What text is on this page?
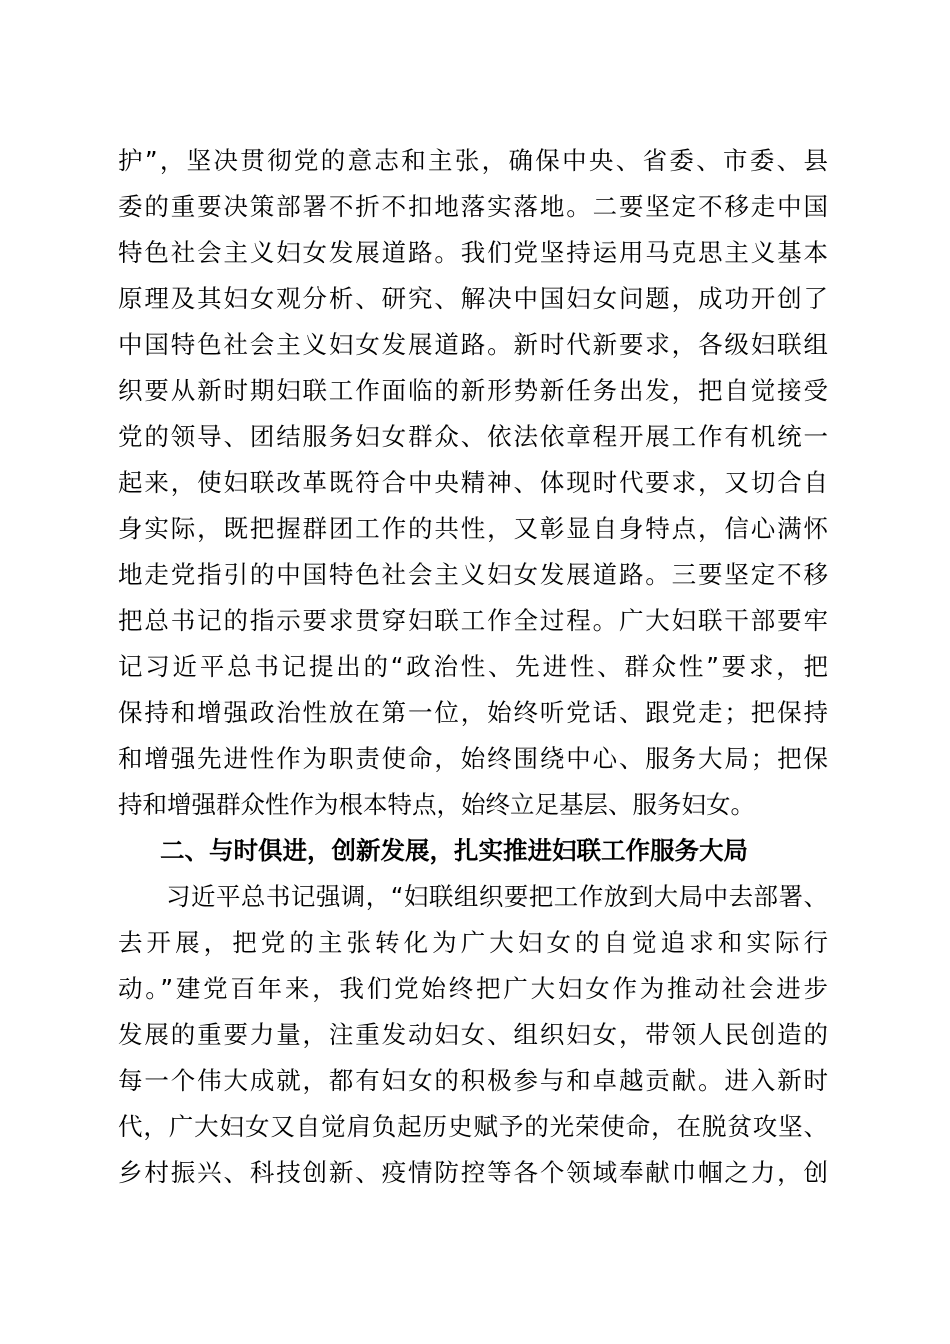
护”，坚决贯彻党的意志和主张，确保中央、省委、市委、县
委的重要决策部署不折不扣地落实落地。二要坚定不移走中国
特色社会主义妇女发展道路。我们党坚持运用马克思主义基本
原理及其妇女观分析、研究、解决中国妇女问题，成功开创了
中国特色社会主义妇女发展道路。新时代新要求，各级妇联组
织要从新时期妇联工作面临的新形势新任务出发，把自觉接受
党的领导、团结服务妇女群众、依法依章程开展工作有机统一
起来，使妇联改革既符合中央精神、体现时代要求，又切合自
身实际，既把握群团工作的共性，又彰显自身特点，信心满怀
地走党指引的中国特色社会主义妇女发展道路。三要坚定不移
把总书记的指示要求贯穿妇联工作全过程。广大妇联干部要牢
记习近平总书记提出的“政治性、先进性、群众性”要求，把
保持和增强政治性放在第一位，始终听党话、跟党走；把保持
和增强先进性作为职责使命，始终围绕中心、服务大局；把保
持和增强群众性作为根本特点，始终立足基层、服务妇女。
二、与时俱进，创新发展，扎实推进妇联工作服务大局
习近平总书记强调，“妇联组织要把工作放到大局中去部署、
去开展，把党的主张转化为广大妇女的自觉追求和实际行
动。”建党百年来，我们党始终把广大妇女作为推动社会进步
发展的重要力量，注重发动妇女、组织妇女，带领人民创造的
每一个伟大成就，都有妇女的积极参与和卓越贡献。进入新时
代，广大妇女又自觉肩负起历史赋予的光荣使命，在脱贫攻坚、
乡村振兴、科技创新、疫情防控等各个领域奉献巾帼之力，创
